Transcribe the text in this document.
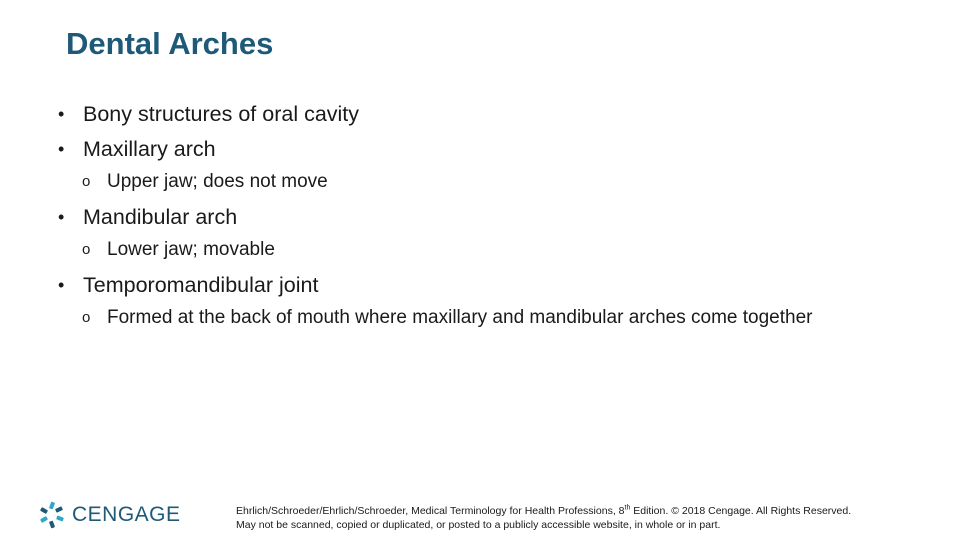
Dental Arches
• Bony structures of oral cavity
• Maxillary arch
o Upper jaw; does not move
• Mandibular arch
o Lower jaw; movable
• Temporomandibular joint
o Formed at the back of mouth where maxillary and mandibular arches come together
CENGAGE	Ehrlich/Schroeder/Ehrlich/Schroeder, Medical Terminology for Health Professions, 8th Edition. © 2018 Cengage. All Rights Reserved.

May not be scanned, copied or duplicated, or posted to a publicly accessible website, in whole or in part.
